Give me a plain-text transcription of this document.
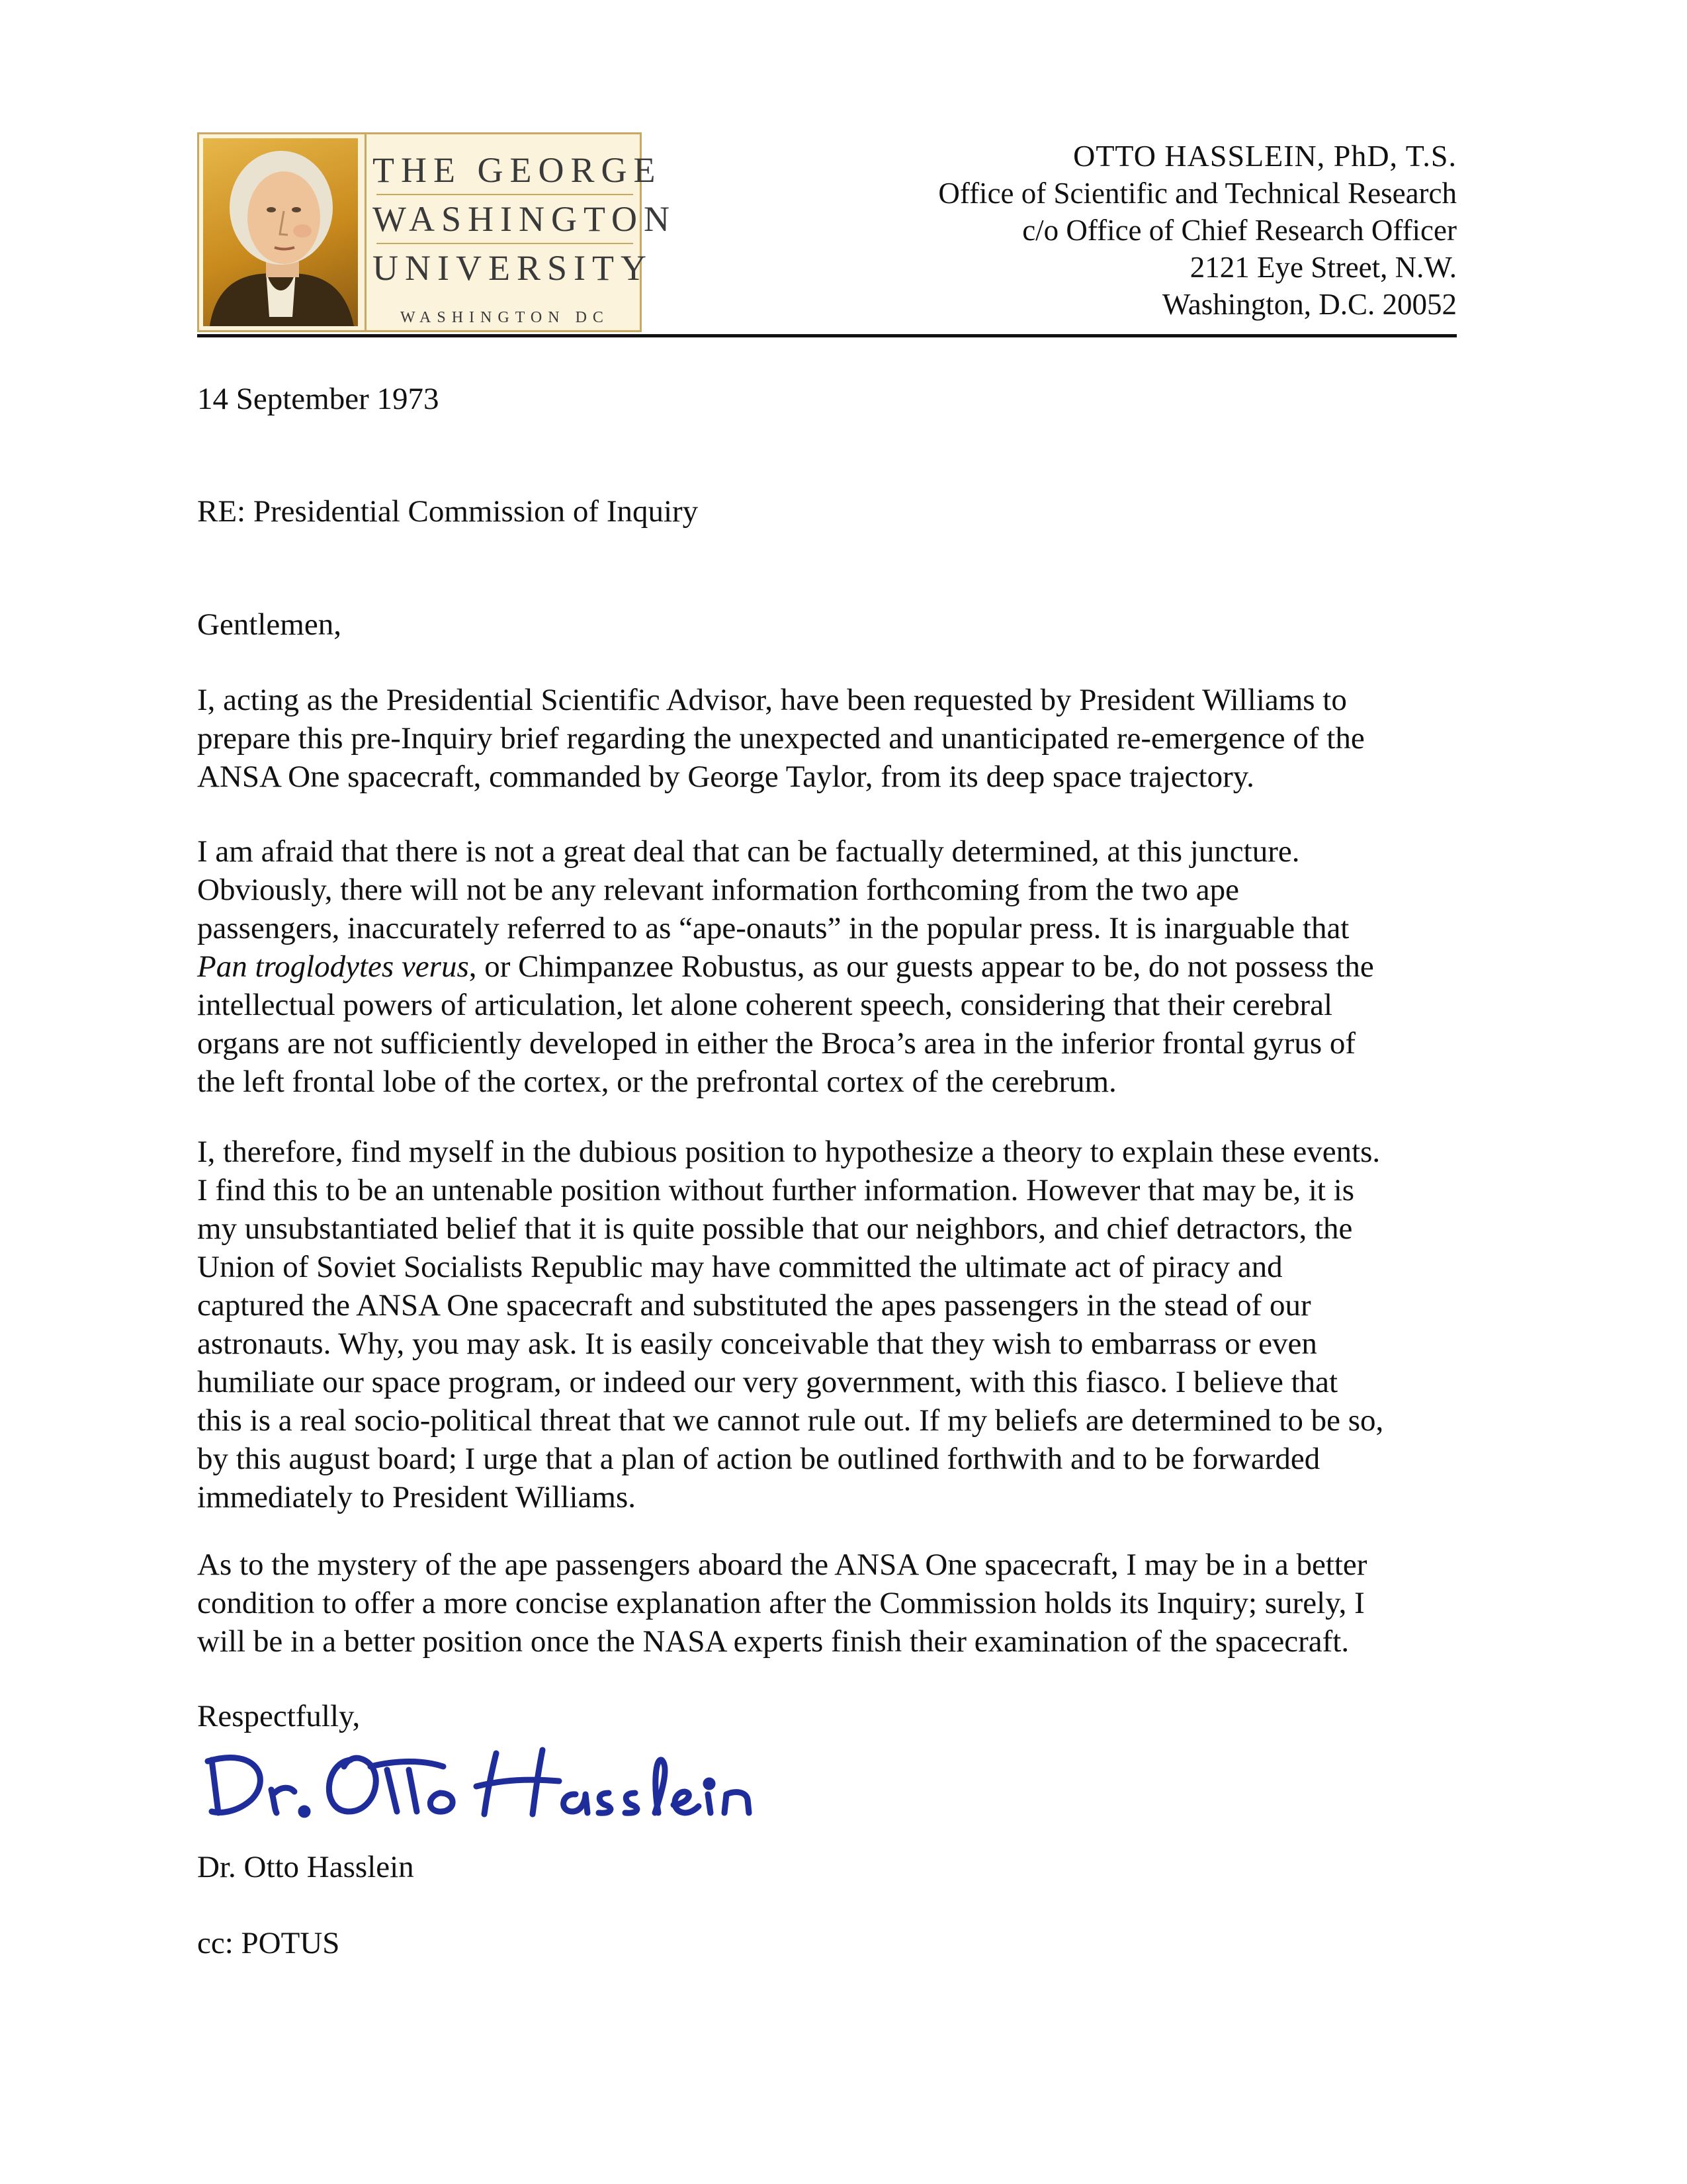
THE GEORGE
WASHINGTON
UNIVERSITY
WASHINGTON DC
OTTO HASSLEIN, PhD, T.S.
Office of Scientific and Technical Research
c/o Office of Chief Research Officer
2121 Eye Street, N.W.
Washington, D.C. 20052
14 September 1973
RE: Presidential Commission of Inquiry
Gentlemen,
I, acting as the Presidential Scientific Advisor, have been requested by President Williams to
prepare this pre-Inquiry brief regarding the unexpected and unanticipated re-emergence of the
ANSA One spacecraft, commanded by George Taylor, from its deep space trajectory.
I am afraid that there is not a great deal that can be factually determined, at this juncture.
Obviously, there will not be any relevant information forthcoming from the two ape
passengers, inaccurately referred to as “ape-onauts” in the popular press. It is inarguable that
Pan troglodytes verus, or Chimpanzee Robustus, as our guests appear to be, do not possess the
intellectual powers of articulation, let alone coherent speech, considering that their cerebral
organs are not sufficiently developed in either the Broca’s area in the inferior frontal gyrus of
the left frontal lobe of the cortex, or the prefrontal cortex of the cerebrum.
I, therefore, find myself in the dubious position to hypothesize a theory to explain these events.
I find this to be an untenable position without further information. However that may be, it is
my unsubstantiated belief that it is quite possible that our neighbors, and chief detractors, the
Union of Soviet Socialists Republic may have committed the ultimate act of piracy and
captured the ANSA One spacecraft and substituted the apes passengers in the stead of our
astronauts. Why, you may ask. It is easily conceivable that they wish to embarrass or even
humiliate our space program, or indeed our very government, with this fiasco. I believe that
this is a real socio-political threat that we cannot rule out. If my beliefs are determined to be so,
by this august board; I urge that a plan of action be outlined forthwith and to be forwarded
immediately to President Williams.
As to the mystery of the ape passengers aboard the ANSA One spacecraft, I may be in a better
condition to offer a more concise explanation after the Commission holds its Inquiry; surely, I
will be in a better position once the NASA experts finish their examination of the spacecraft.
Respectfully,
Dr. Otto Hasslein
cc: POTUS
